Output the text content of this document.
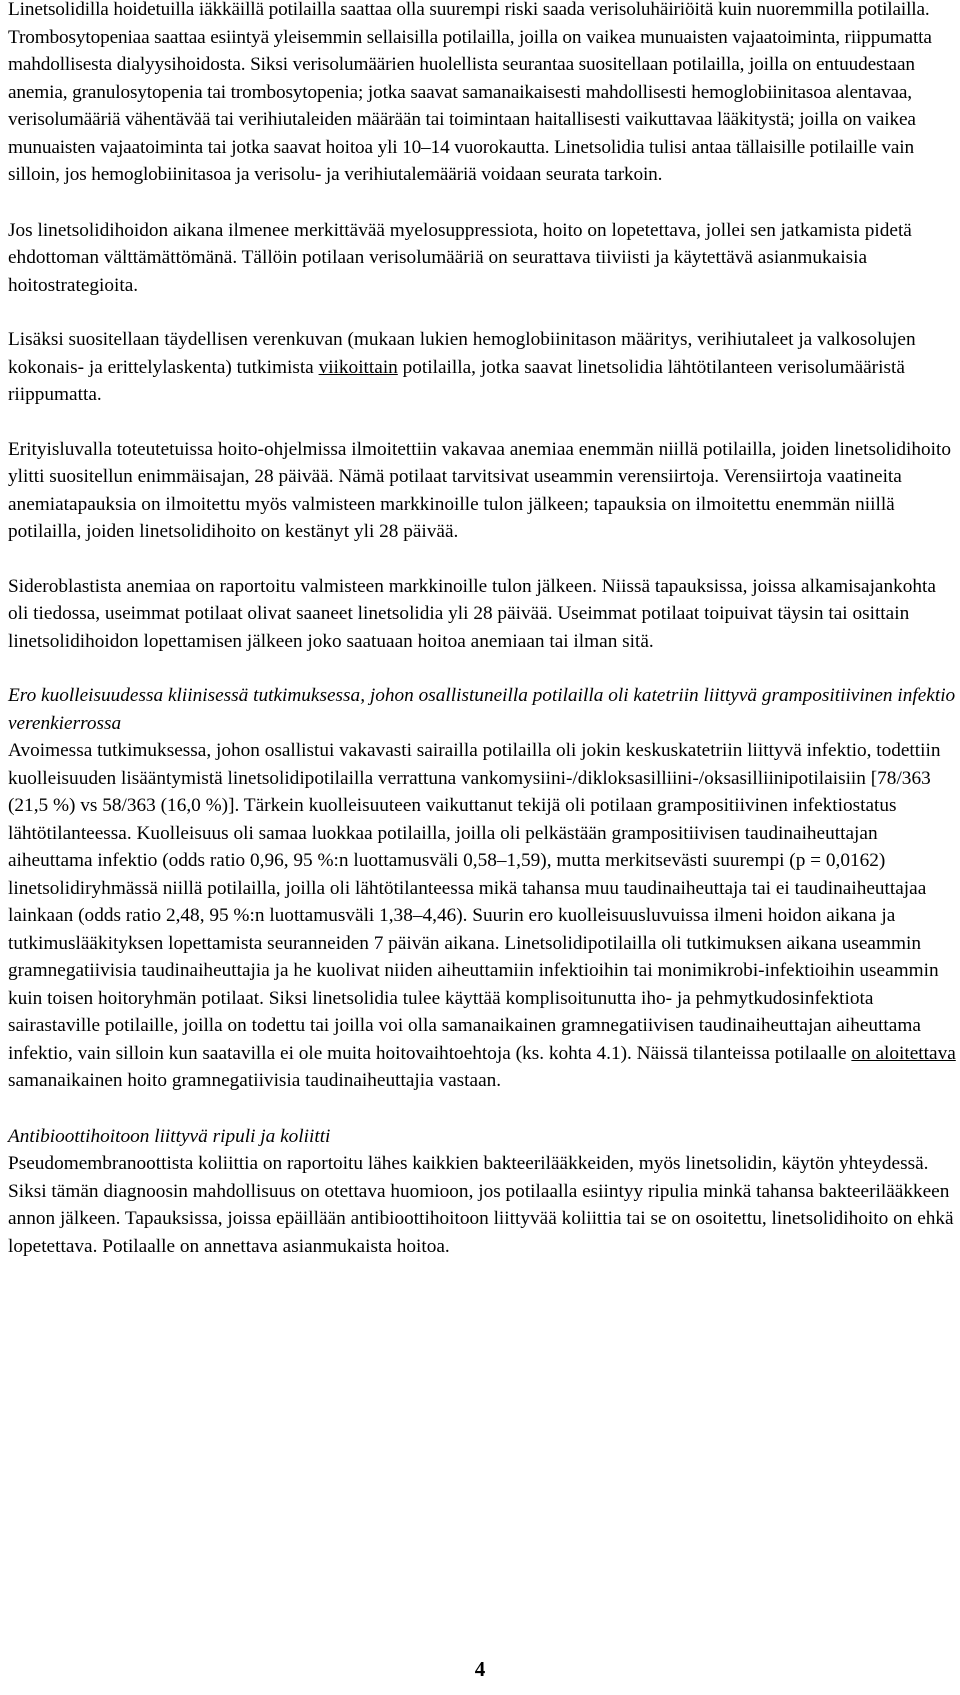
Linetsolidilla hoidetuilla iäkkäillä potilailla saattaa olla suurempi riski saada verisoluhäiriöitä kuin nuoremmilla potilailla. Trombosytopeniaa saattaa esiintyä yleisemmin sellaisilla potilailla, joilla on vaikea munuaisten vajaatoiminta, riippumatta mahdollisesta dialyysihoidosta. Siksi verisolumäärien huolellista seurantaa suositellaan potilailla, joilla on entuudestaan anemia, granulosytopenia tai trombosytopenia; jotka saavat samanaikaisesti mahdollisesti hemoglobiinitasoa alentavaa, verisolumääriä vähentävää tai verihiutaleiden määrään tai toimintaan haitallisesti vaikuttavaa lääkitystä; joilla on vaikea munuaisten vajaatoiminta tai jotka saavat hoitoa yli 10–14 vuorokautta. Linetsolidia tulisi antaa tällaisille potilaille vain silloin, jos hemoglobiinitasoa ja verisolu- ja verihiutalemääriä voidaan seurata tarkoin.

Jos linetsolidihoidon aikana ilmenee merkittävää myelosuppressiota, hoito on lopetettava, jollei sen jatkamista pidetä ehdottoman välttämättömänä. Tällöin potilaan verisolumääriä on seurattava tiiviisti ja käytettävä asianmukaisia hoitostrategioita.

Lisäksi suositellaan täydellisen verenkuvan (mukaan lukien hemoglobiinitason määritys, verihiutaleet ja valkosolujen kokonais- ja erittelylaskenta) tutkimista viikoittain potilailla, jotka saavat linetsolidia lähtötilanteen verisolumääristä riippumatta.

Erityisluvalla toteutetuissa hoito-ohjelmissa ilmoitettiin vakavaa anemiaa enemmän niillä potilailla, joiden linetsolidihoito ylitti suositellun enimmäisajan, 28 päivää. Nämä potilaat tarvitsivat useammin verensiirtoja. Verensiirtoja vaatineita anemiatapauksia on ilmoitettu myös valmisteen markkinoille tulon jälkeen; tapauksia on ilmoitettu enemmän niillä potilailla, joiden linetsolidihoito on kestänyt yli 28 päivää.

Sideroblastista anemiaa on raportoitu valmisteen markkinoille tulon jälkeen. Niissä tapauksissa, joissa alkamisajankohta oli tiedossa, useimmat potilaat olivat saaneet linetsolidia yli 28 päivää. Useimmat potilaat toipuivat täysin tai osittain linetsolidihoidon lopettamisen jälkeen joko saatuaan hoitoa anemiaan tai ilman sitä.

Ero kuolleisuudessa kliinisessä tutkimuksessa, johon osallistuneilla potilailla oli katetriin liittyvä grampositiivinen infektio verenkierrossa

Avoimessa tutkimuksessa, johon osallistui vakavasti sairailla potilailla oli jokin keskuskatetriin liittyvä infektio, todettiin kuolleisuuden lisääntymistä linetsolidipotilailla verrattuna vankomysiini-/dikloksasilliini-/oksasilliinipotilaisiin [78/363 (21,5 %) vs 58/363 (16,0 %)]. Tärkein kuolleisuuteen vaikuttanut tekijä oli potilaan grampositiivinen infektiostatus lähtötilanteessa. Kuolleisuus oli samaa luokkaa potilailla, joilla oli pelkästään grampositiivisen taudinaiheuttajan aiheuttama infektio (odds ratio 0,96, 95 %:n luottamusväli 0,58–1,59), mutta merkitsevästi suurempi (p = 0,0162) linetsolidiryhmässä niillä potilailla, joilla oli lähtötilanteessa mikä tahansa muu taudinaiheuttaja tai ei taudinaiheuttajaa lainkaan (odds ratio 2,48, 95 %:n luottamusväli 1,38–4,46). Suurin ero kuolleisuusluvuissa ilmeni hoidon aikana ja tutkimuslääkityksen lopettamista seuranneiden 7 päivän aikana. Linetsolidipotilailla oli tutkimuksen aikana useammin gramnegatiivisia taudinaiheuttajia ja he kuolivat niiden aiheuttamiin infektioihin tai monimikrobi-infektioihin useammin kuin toisen hoitoryhmän potilaat. Siksi linetsolidia tulee käyttää komplisoitunutta iho- ja pehmytkudosinfektiota sairastaville potilaille, joilla on todettu tai joilla voi olla samanaikainen gramnegatiivisen taudinaiheuttajan aiheuttama infektio, vain silloin kun saatavilla ei ole muita hoitovaihtoehtoja (ks. kohta 4.1). Näissä tilanteissa potilaalle on aloitettava samanaikainen hoito gramnegatiivisia taudinaiheuttajia vastaan.

Antibioottihoitoon liittyvä ripuli ja koliitti

Pseudomembranoottista koliittia on raportoitu lähes kaikkien bakteerilääkkeiden, myös linetsolidin, käytön yhteydessä. Siksi tämän diagnoosin mahdollisuus on otettava huomioon, jos potilaalla esiintyy ripulia minkä tahansa bakteerilääkkeen annon jälkeen. Tapauksissa, joissa epäillään antibioottihoitoon liittyvää koliittia tai se on osoitettu, linetsolidihoito on ehkä lopetettava. Potilaalle on annettava asianmukaista hoitoa.

4
